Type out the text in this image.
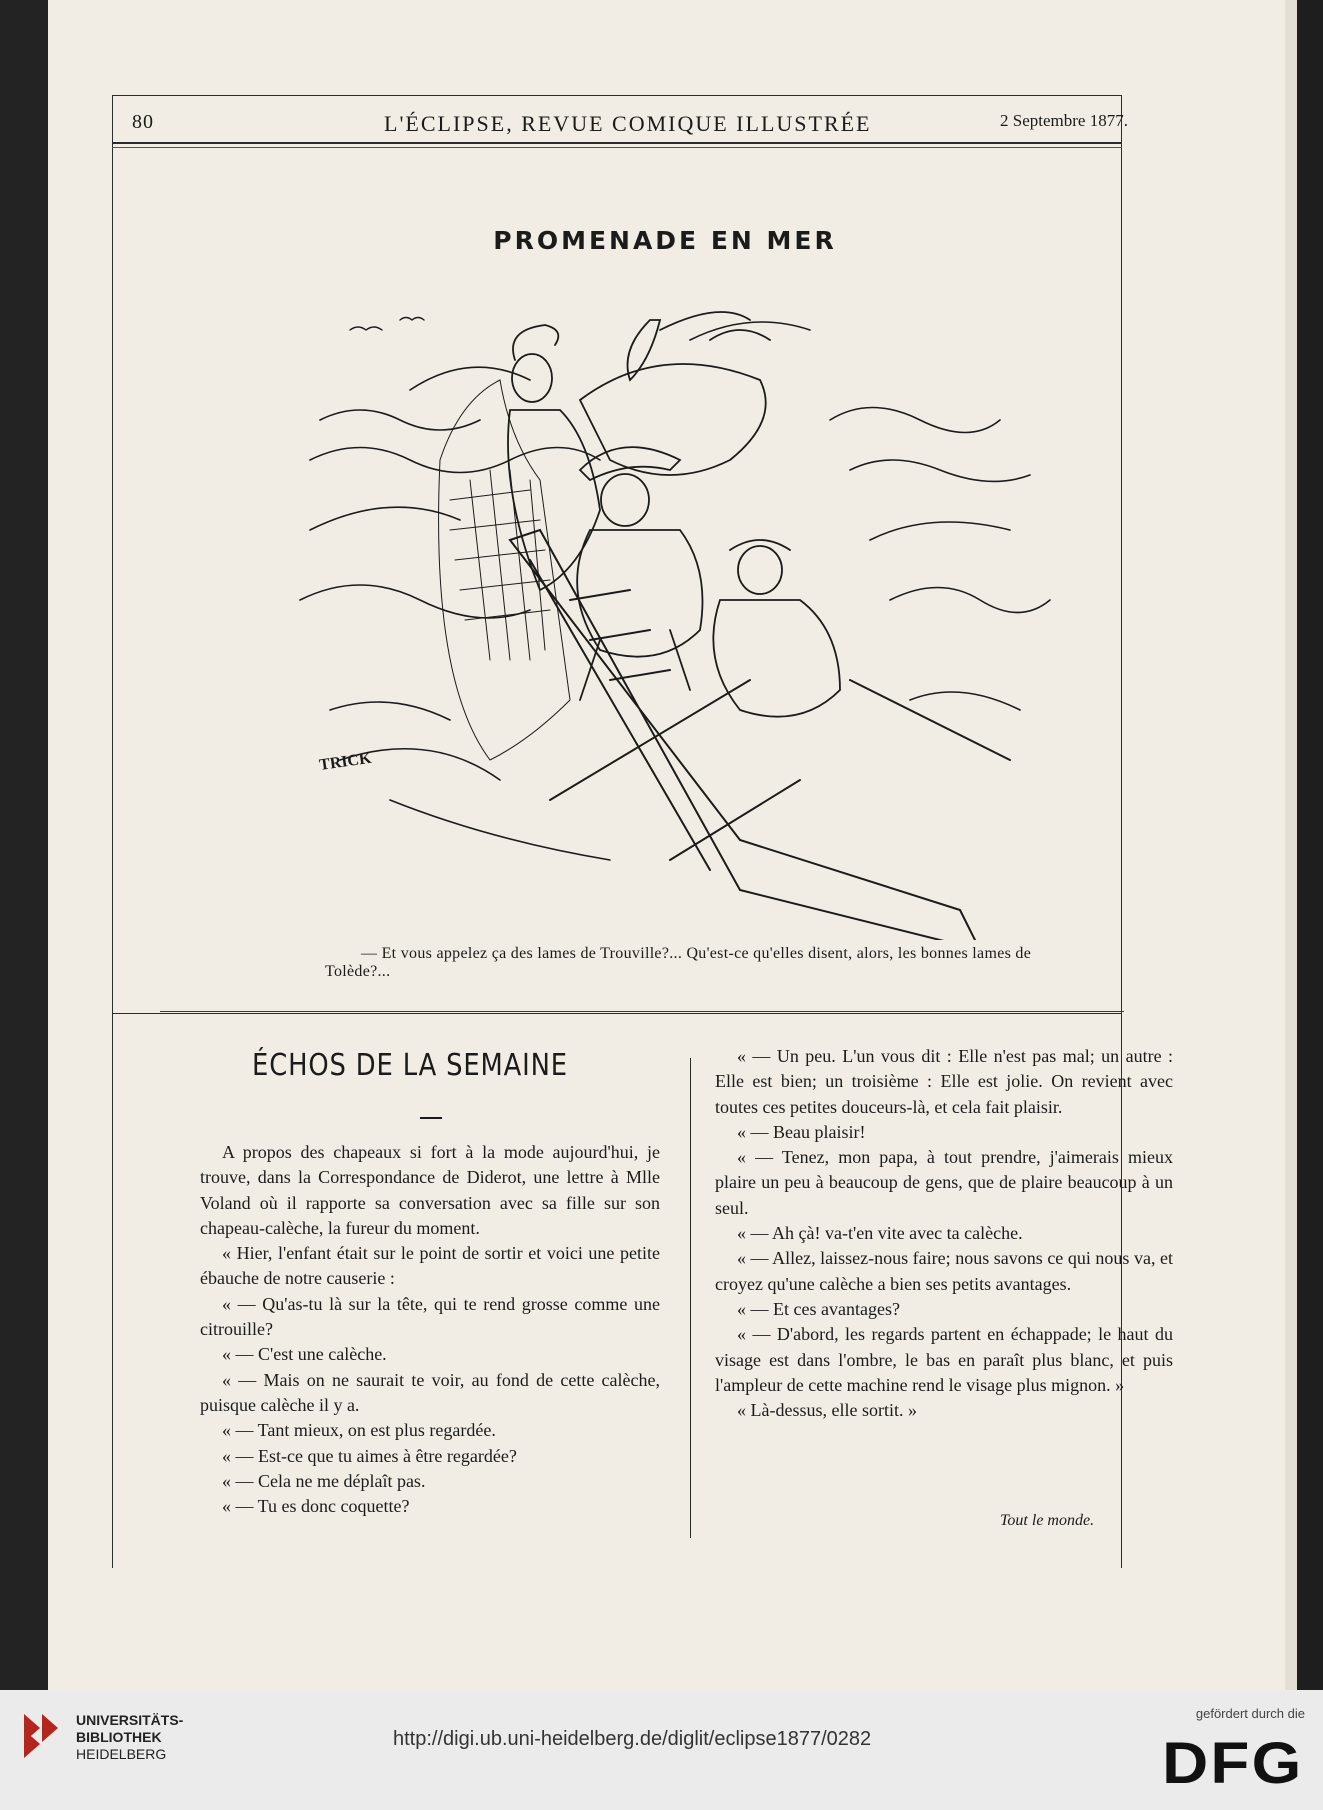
80	L'ÉCLIPSE, REVUE COMIQUE ILLUSTRÉE	2 Septembre 1877.
PROMENADE EN MER
TRICK
— Et vous appelez ça des lames de Trouville?... Qu'est-ce qu'elles disent, alors, les bonnes lames de Tolède?...
ÉCHOS DE LA SEMAINE

A propos des chapeaux si fort à la mode aujourd'hui, je trouve, dans la Correspondance de Diderot, une lettre à Mlle Voland où il rapporte sa conversation avec sa fille sur son chapeau-calèche, la fureur du moment.

« Hier, l'enfant était sur le point de sortir et voici une petite ébauche de notre causerie :

« — Qu'as-tu là sur la tête, qui te rend grosse comme une citrouille?

« — C'est une calèche.

« — Mais on ne saurait te voir, au fond de cette calèche, puisque calèche il y a.

« — Tant mieux, on est plus regardée.

« — Est-ce que tu aimes à être regardée?

« — Cela ne me déplaît pas.

« — Tu es donc coquette?

« — Un peu. L'un vous dit : Elle n'est pas mal; un autre : Elle est bien; un troisième : Elle est jolie. On revient avec toutes ces petites douceurs-là, et cela fait plaisir.

« — Beau plaisir!

« — Tenez, mon papa, à tout prendre, j'aimerais mieux plaire un peu à beaucoup de gens, que de plaire beaucoup à un seul.

« — Ah çà! va-t'en vite avec ta calèche.

« — Allez, laissez-nous faire; nous savons ce qui nous va, et croyez qu'une calèche a bien ses petits avantages.

« — Et ces avantages?

« — D'abord, les regards partent en échappade; le haut du visage est dans l'ombre, le bas en paraît plus blanc, et puis l'ampleur de cette machine rend le visage plus mignon. »

« Là-dessus, elle sortit. »

Tout le monde.
UNIVERSITÄTS-
BIBLIOTHEK
HEIDELBERG
http://digi.ub.uni-heidelberg.de/diglit/eclipse1877/0282
gefördert durch die
DFG
